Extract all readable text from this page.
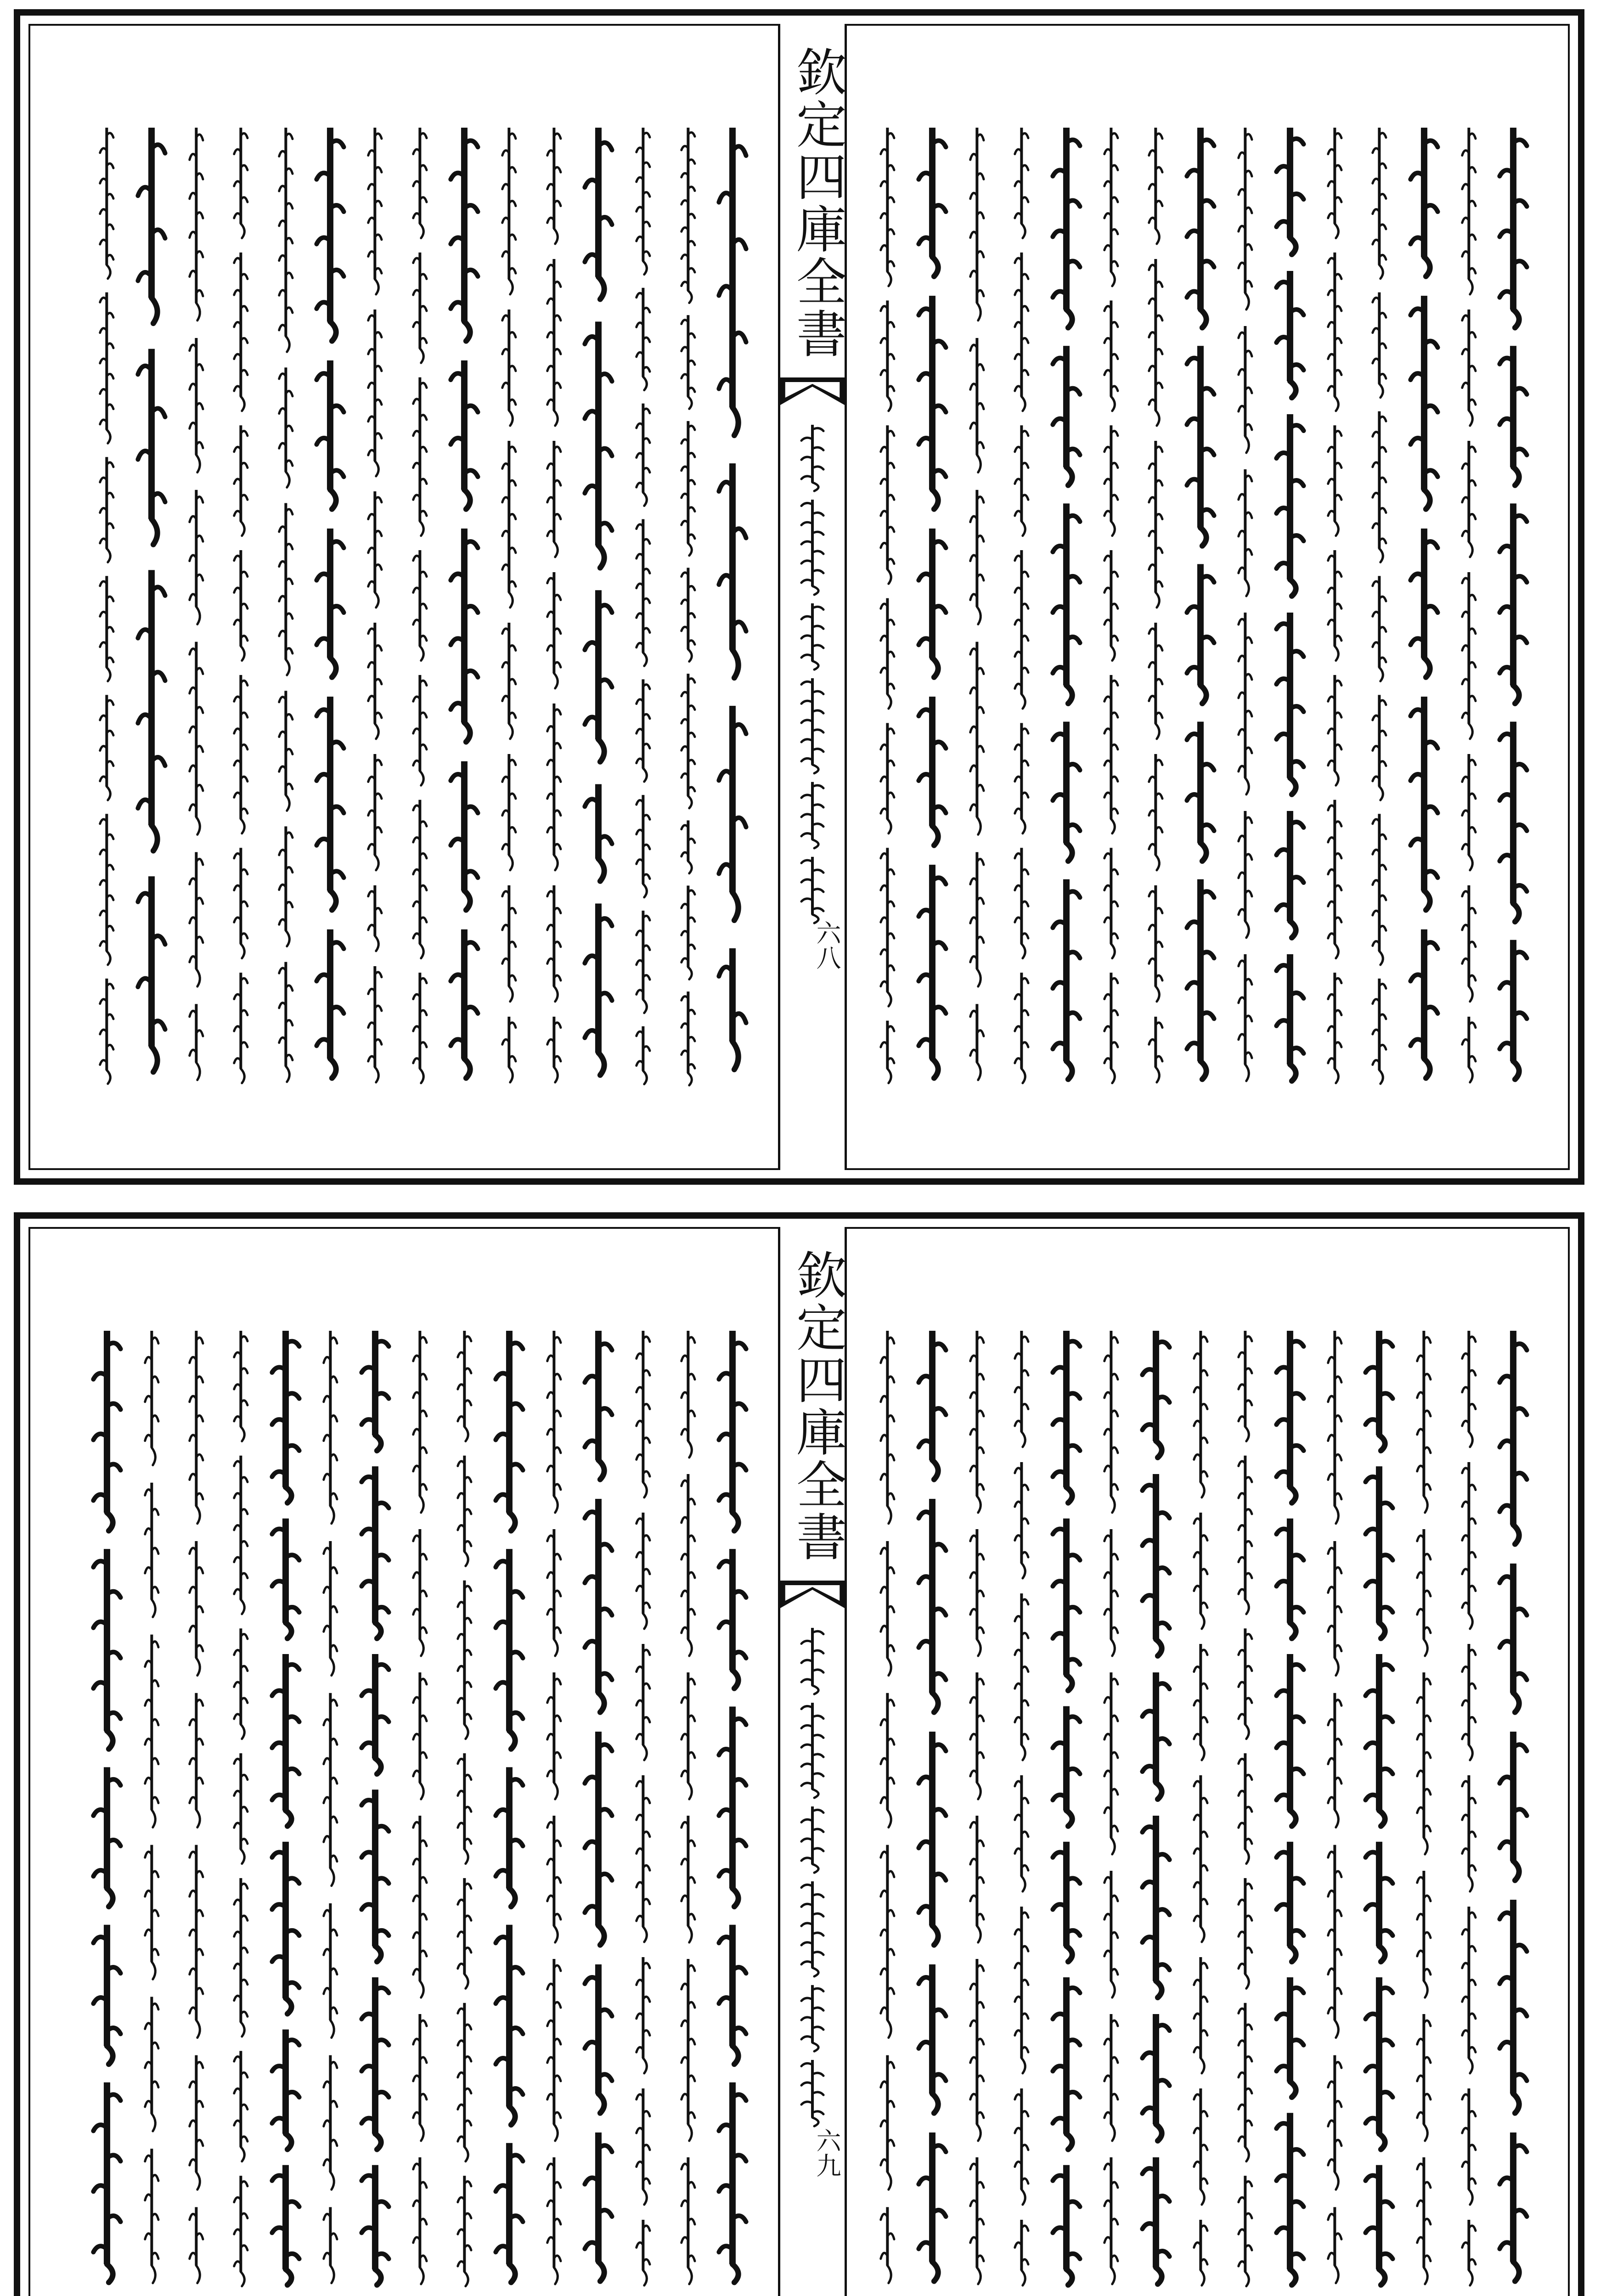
欽定四庫全書
六八
欽定四庫全書
六九
